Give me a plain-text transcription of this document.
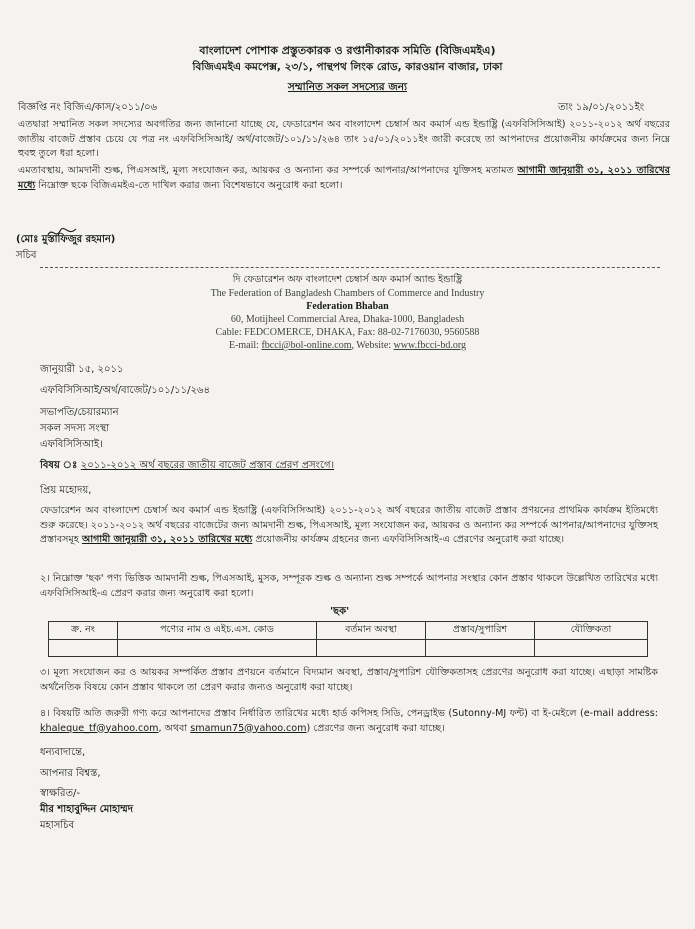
বাংলাদেশ পোশাক প্রস্তুতকারক ও রপ্তানীকারক সমিতি (বিজিএমইএ)
বিজিএমইএ কমপেক্স, ২৩/১, পান্থপথ লিংক রোড, কারওয়ান বাজার, ঢাকা
সম্মানিত সকল সদস্যের জন্য
বিজ্ঞপ্তি নং বিজিএ/কাস/২০১১/০৬	তাং ১৯/০১/২০১১ইং
এতদ্বারা সম্মানিত সকল সদস্যের অবগতির জন্য জানানো যাচ্ছে যে, ফেডারেশন অব বাংলাদেশ চেম্বার্স অব কমার্স এন্ড ইন্ডাষ্ট্রি (এফবিসিসিআই) ২০১১-২০১২ অর্থ বছরের জাতীয় বাজেট প্রস্তাব চেয়ে যে পত্র নং এফবিসিসিআই/ অর্থ/বাজেট/১০১/১১/২৬৪ তাং ১৫/০১/২০১১ইং জারী করেছে তা আপনাদের প্রয়োজনীয় কার্যক্রমের জন্য নিম্নে হুবহু তুলে ধরা হলো।
এমতাবস্থায়, আমদানী শুল্ক, পিএসআই, মূল্য সংযোজন কর, আয়কর ও অন্যান্য কর সম্পর্কে আপনার/আপনাদের যুক্তিসহ মতামত আগামী জানুয়ারী ৩১, ২০১১ তারিখের মধ্যে নিম্নোক্ত ছকে বিজিএমইএ-তে দাখিল করার জন্য বিশেষভাবে অনুরোধ করা হলো।
(মোঃ মুস্তাফিজুর রহমান)
সচিব
দি ফেডারেশন অফ বাংলাদেশ চেম্বার্স অফ কমার্স অ্যান্ড ইন্ডাষ্ট্রি
The Federation of Bangladesh Chambers of Commerce and Industry
Federation Bhaban
60, Motijheel Commercial Area, Dhaka-1000, Bangladesh
Cable: FEDCOMERCE, DHAKA, Fax: 88-02-7176030, 9560588
E-mail: fbcci@bol-online.com, Website: www.fbcci-bd.org
জানুয়ারী ১৫, ২০১১
এফবিসিসিআই/অর্থ/বাজেট/১০১/১১/২৬৪
সভাপতি/চেয়ারম্যান
সকল সদস্য সংস্থা
এফবিসিসিআই।
বিষয় ঃ ২০১১-২০১২ অর্থ বছরের জাতীয় বাজেট প্রস্তাব প্রেরণ প্রসংগে।
প্রিয় মহোদয়,
ফেডারেশন অব বাংলাদেশ চেম্বার্স অব কমার্স এন্ড ইন্ডাষ্ট্রি (এফবিসিসিআই) ২০১১-২০১২ অর্থ বছরের জাতীয় বাজেট প্রস্তাব প্রণয়নের প্রাথমিক কার্যক্রম ইতিমধ্যে শুরু করেছে। ২০১১-২০১২ অর্থ বছরের বাজেটের জন্য আমদানী শুল্ক, পিএসআই, মূল্য সংযোজন কর, আয়কর ও অন্যান্য কর সম্পর্কে আপনার/আপনাদের যুক্তিসহ প্রস্তাবসমূহ আগামী জানুয়ারী ৩১, ২০১১ তারিখের মধ্যে প্রয়োজনীয় কার্যক্রম গ্রহনের জন্য এফবিসিসিআই-এ প্রেরণের অনুরোধ করা যাচ্ছে।
২। নিম্নোক্ত 'ছক' পণ্য ভিত্তিক আমদানী শুল্ক, পিএসআই, মুসক, সম্পূরক শুল্ক ও অন্যান্য শুল্ক সম্পর্কে আপনার সংস্থার কোন প্রস্তাব থাকলে উল্লেখিত তারিখের মধ্যে এফবিসিসিআই-এ প্রেরণ করার জন্য অনুরোধ করা হলো।
'ছক'
ক্র. নং	পণ্যের নাম ও এইচ.এস. কোড	বর্তমান অবস্থা	প্রস্তাব/সুপারিশ	যৌক্তিকতা

৩। মূল্য সংযোজন কর ও আয়কর সম্পর্কিত প্রস্তাব প্রণয়নে বর্তমানে বিদ্যমান অবস্থা, প্রস্তাব/সুপারিশ যৌক্তিকতাসহ প্রেরণের অনুরোধ করা যাচ্ছে। এছাড়া সামষ্টিক অর্থনৈতিক বিষয়ে কোন প্রস্তাব থাকলে তা প্রেরণ করার জন্যও অনুরোধ করা যাচ্ছে।
৪। বিষয়টি অতি জরুরী গণ্য করে আপনাদের প্রস্তাব নির্ধারিত তারিখের মধ্যে হার্ড কপিসহ সিডি, পেনড্রাইভ (Sutonny-MJ ফন্ট) বা ই-মেইলে (e-mail address: khaleque_tf@yahoo.com, অথবা smamun75@yahoo.com) প্রেরণের জন্য অনুরোধ করা যাচ্ছে।
ধন্যবাদান্তে,
আপনার বিশ্বস্ত,
স্বাক্ষরিত/-
মীর শাহাবুদ্দিন মোহাম্মদ
মহাসচিব
